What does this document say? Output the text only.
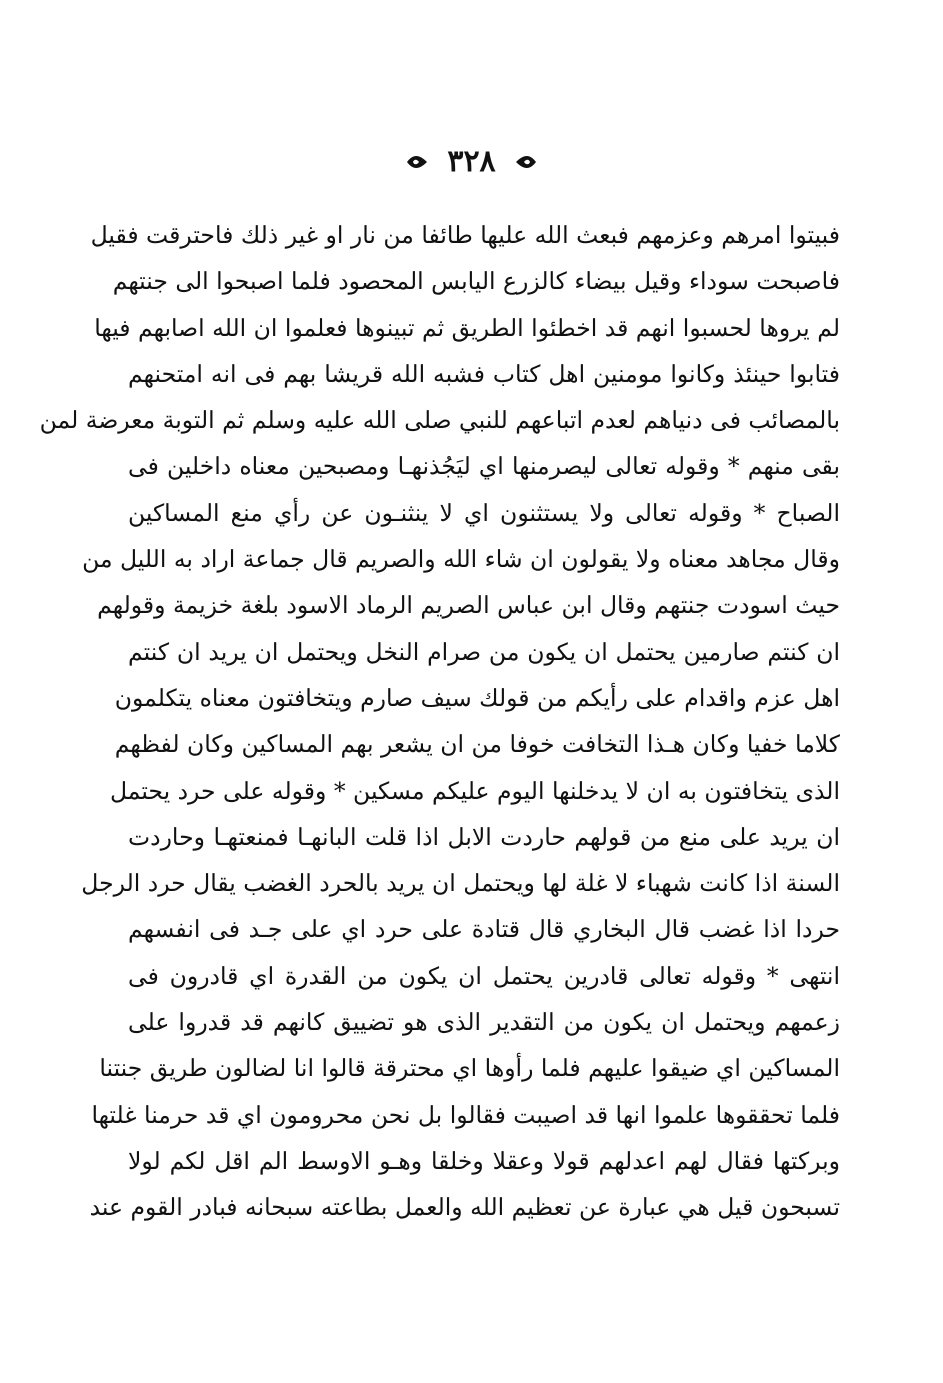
٣٢٨
فبيتوا امرهم وعزمهم فبعث الله عليها طائفا من نار او غير ذلك فاحترقت فقيل
فاصبحت سوداء وقيل بيضاء كالزرع اليابس المحصود فلما اصبحوا الى جنتهم
لم يروها لحسبوا انهم قد اخطئوا الطريق ثم تبينوها فعلموا ان الله اصابهم فيها
فتابوا حينئذ وكانوا مومنين اهل كتاب فشبه الله قريشا بهم فى انه امتحنهم
بالمصائب فى دنياهم لعدم اتباعهم للنبي صلى الله عليه وسلم ثم التوبة معرضة لمن
بقى منهم * وقوله تعالى ليصرمنها اي ليَجُذنهـا ومصبحين معناه داخلين فى
الصباح * وقوله تعالى ولا يستثنون اي لا ينثنـون عن رأي منع المساكين
وقال مجاهد معناه ولا يقولون ان شاء الله والصريم قال جماعة اراد به الليل من
حيث اسودت جنتهم وقال ابن عباس الصريم الرماد الاسود بلغة خزيمة وقولهم
ان كنتم صارمين يحتمل ان يكون من صرام النخل ويحتمل ان يريد ان كنتم
اهل عزم واقدام على رأيكم من قولك سيف صارم ويتخافتون معناه يتكلمون
كلاما خفيا وكان هـذا التخافت خوفا من ان يشعر بهم المساكين وكان لفظهم
الذى يتخافتون به ان لا يدخلنها اليوم عليكم مسكين * وقوله على حرد يحتمل
ان يريد على منع من قولهم حاردت الابل اذا قلت البانهـا فمنعتهـا وحاردت
السنة اذا كانت شهباء لا غلة لها ويحتمل ان يريد بالحرد الغضب يقال حرد الرجل
حردا اذا غضب قال البخاري قال قتادة على حرد اي على جـد فى انفسهم
انتهى * وقوله تعالى قادرين يحتمل ان يكون من القدرة اي قادرون فى
زعمهم ويحتمل ان يكون من التقدير الذى هو تضييق كانهم قد قدروا على
المساكين اي ضيقوا عليهم فلما رأوها اي محترقة قالوا انا لضالون طريق جنتنا
فلما تحققوها علموا انها قد اصيبت فقالوا بل نحن محرومون اي قد حرمنا غلتها
وبركتها فقال لهم اعدلهم قولا وعقلا وخلقا وهـو الاوسط الم اقل لكم لولا
تسبحون قيل هي عبارة عن تعظيم الله والعمل بطاعته سبحانه فبادر القوم عند
